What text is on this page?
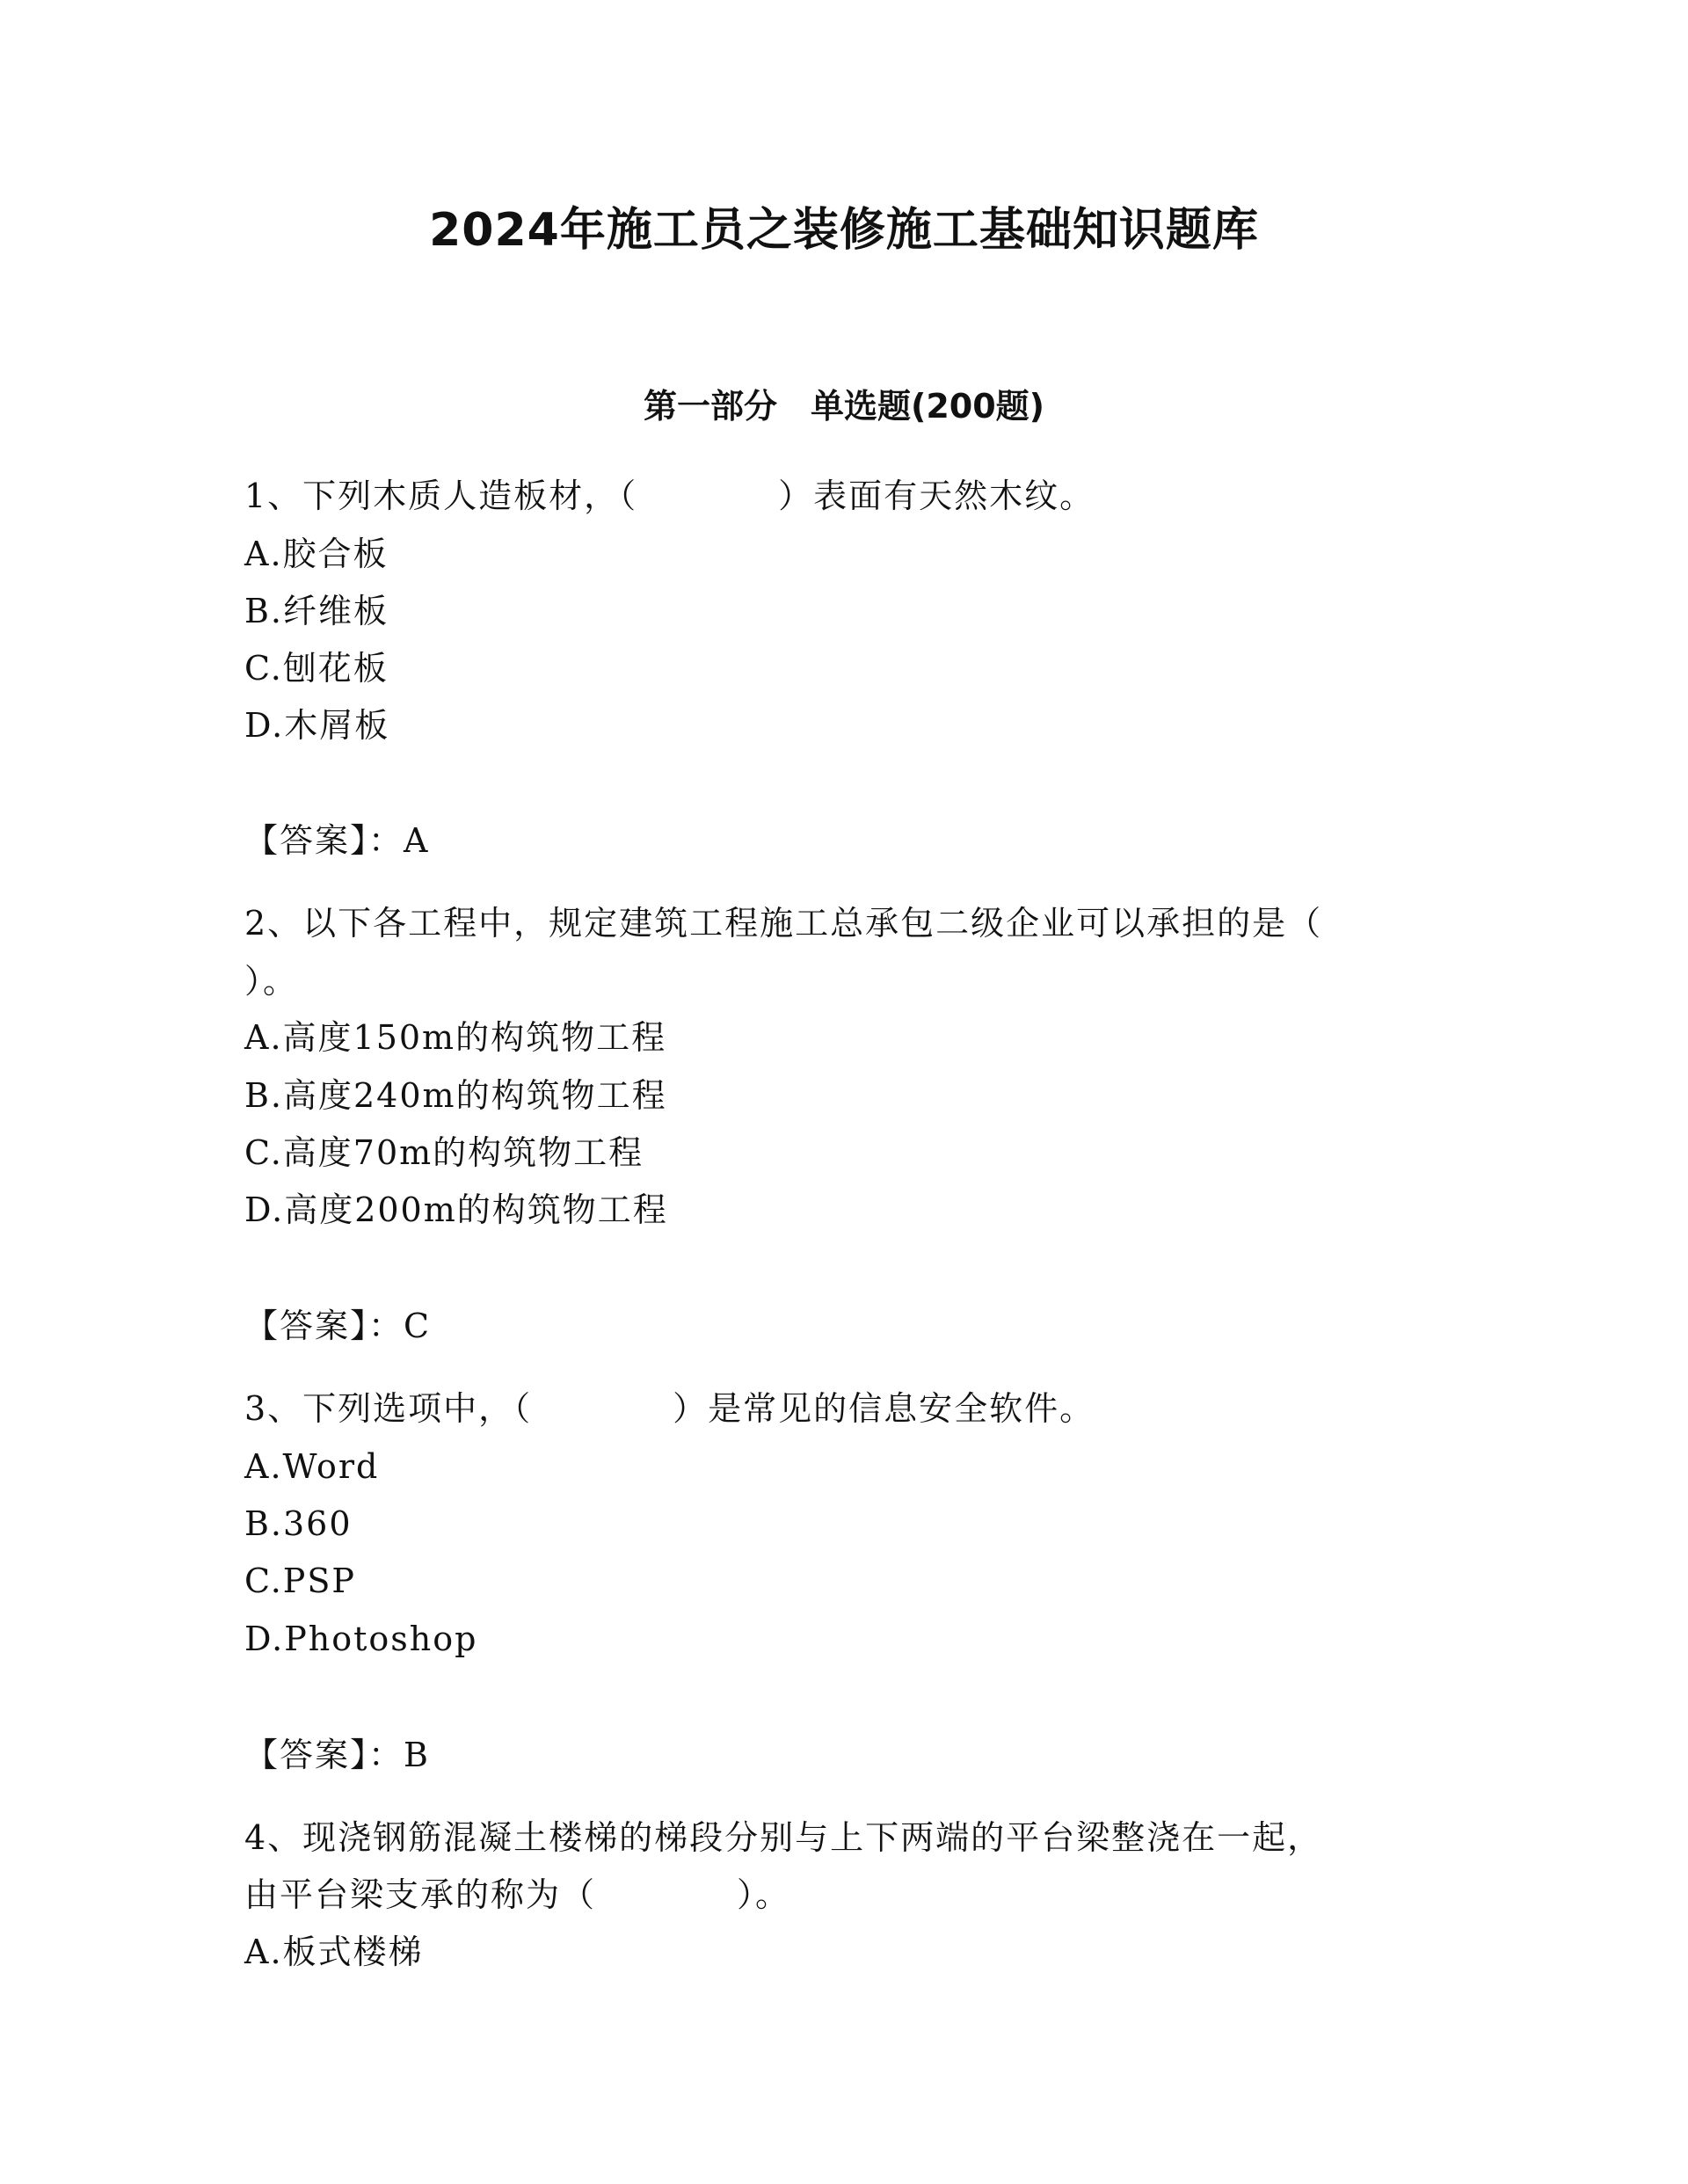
2024年施工员之装修施工基础知识题库
第一部分　单选题(200题)
1、下列木质人造板材，（　　　　）表面有天然木纹。
A.胶合板
B.纤维板
C.刨花板
D.木屑板
【答案】：A
2、以下各工程中，规定建筑工程施工总承包二级企业可以承担的是（
）。
A.高度150m的构筑物工程
B.高度240m的构筑物工程
C.高度70m的构筑物工程
D.高度200m的构筑物工程
【答案】：C
3、下列选项中，（　　　　）是常见的信息安全软件。
A.Word
B.360
C.PSP
D.Photoshop
【答案】：B
4、现浇钢筋混凝土楼梯的梯段分别与上下两端的平台梁整浇在一起，
由平台梁支承的称为（　　　　）。
A.板式楼梯
